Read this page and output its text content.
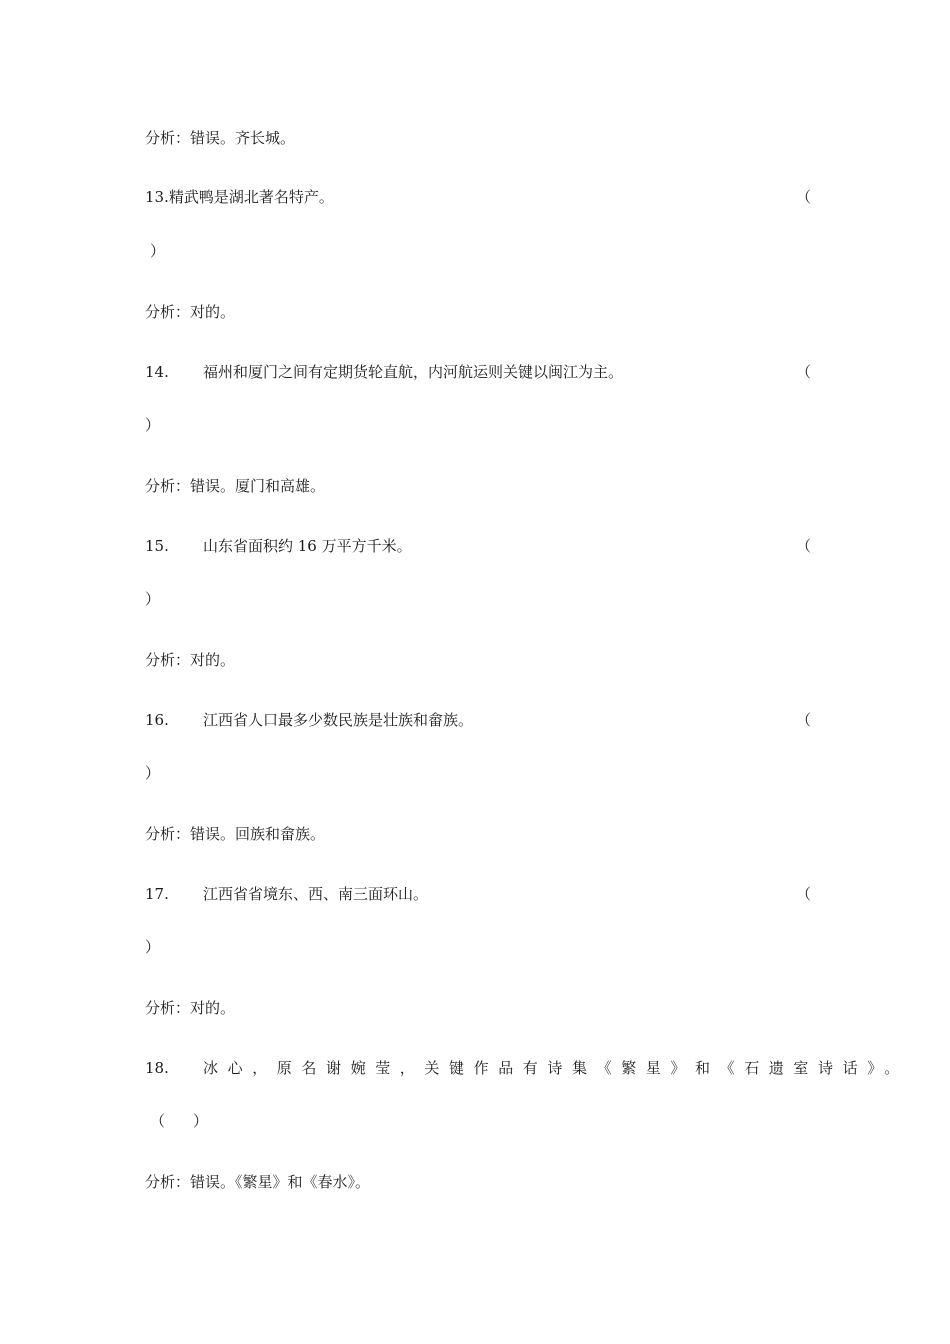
分析：错误。齐长城。
13.精武鸭是湖北著名特产。	（
）
分析：对的。
14. 福州和厦门之间有定期货轮直航，内河航运则关键以闽江为主。	（
）
分析：错误。厦门和高雄。
15. 山东省面积约 16 万平方千米。	（
）
分析：对的。
16. 江西省人口最多少数民族是壮族和畲族。	（
）
分析：错误。回族和畲族。
17. 江西省省境东、西、南三面环山。	（
）
分析：对的。
18. 冰心，原名谢婉莹，关键作品有诗集《繁星》和《石遗室诗话》。
（ ）
分析：错误。《繁星》和《春水》。
